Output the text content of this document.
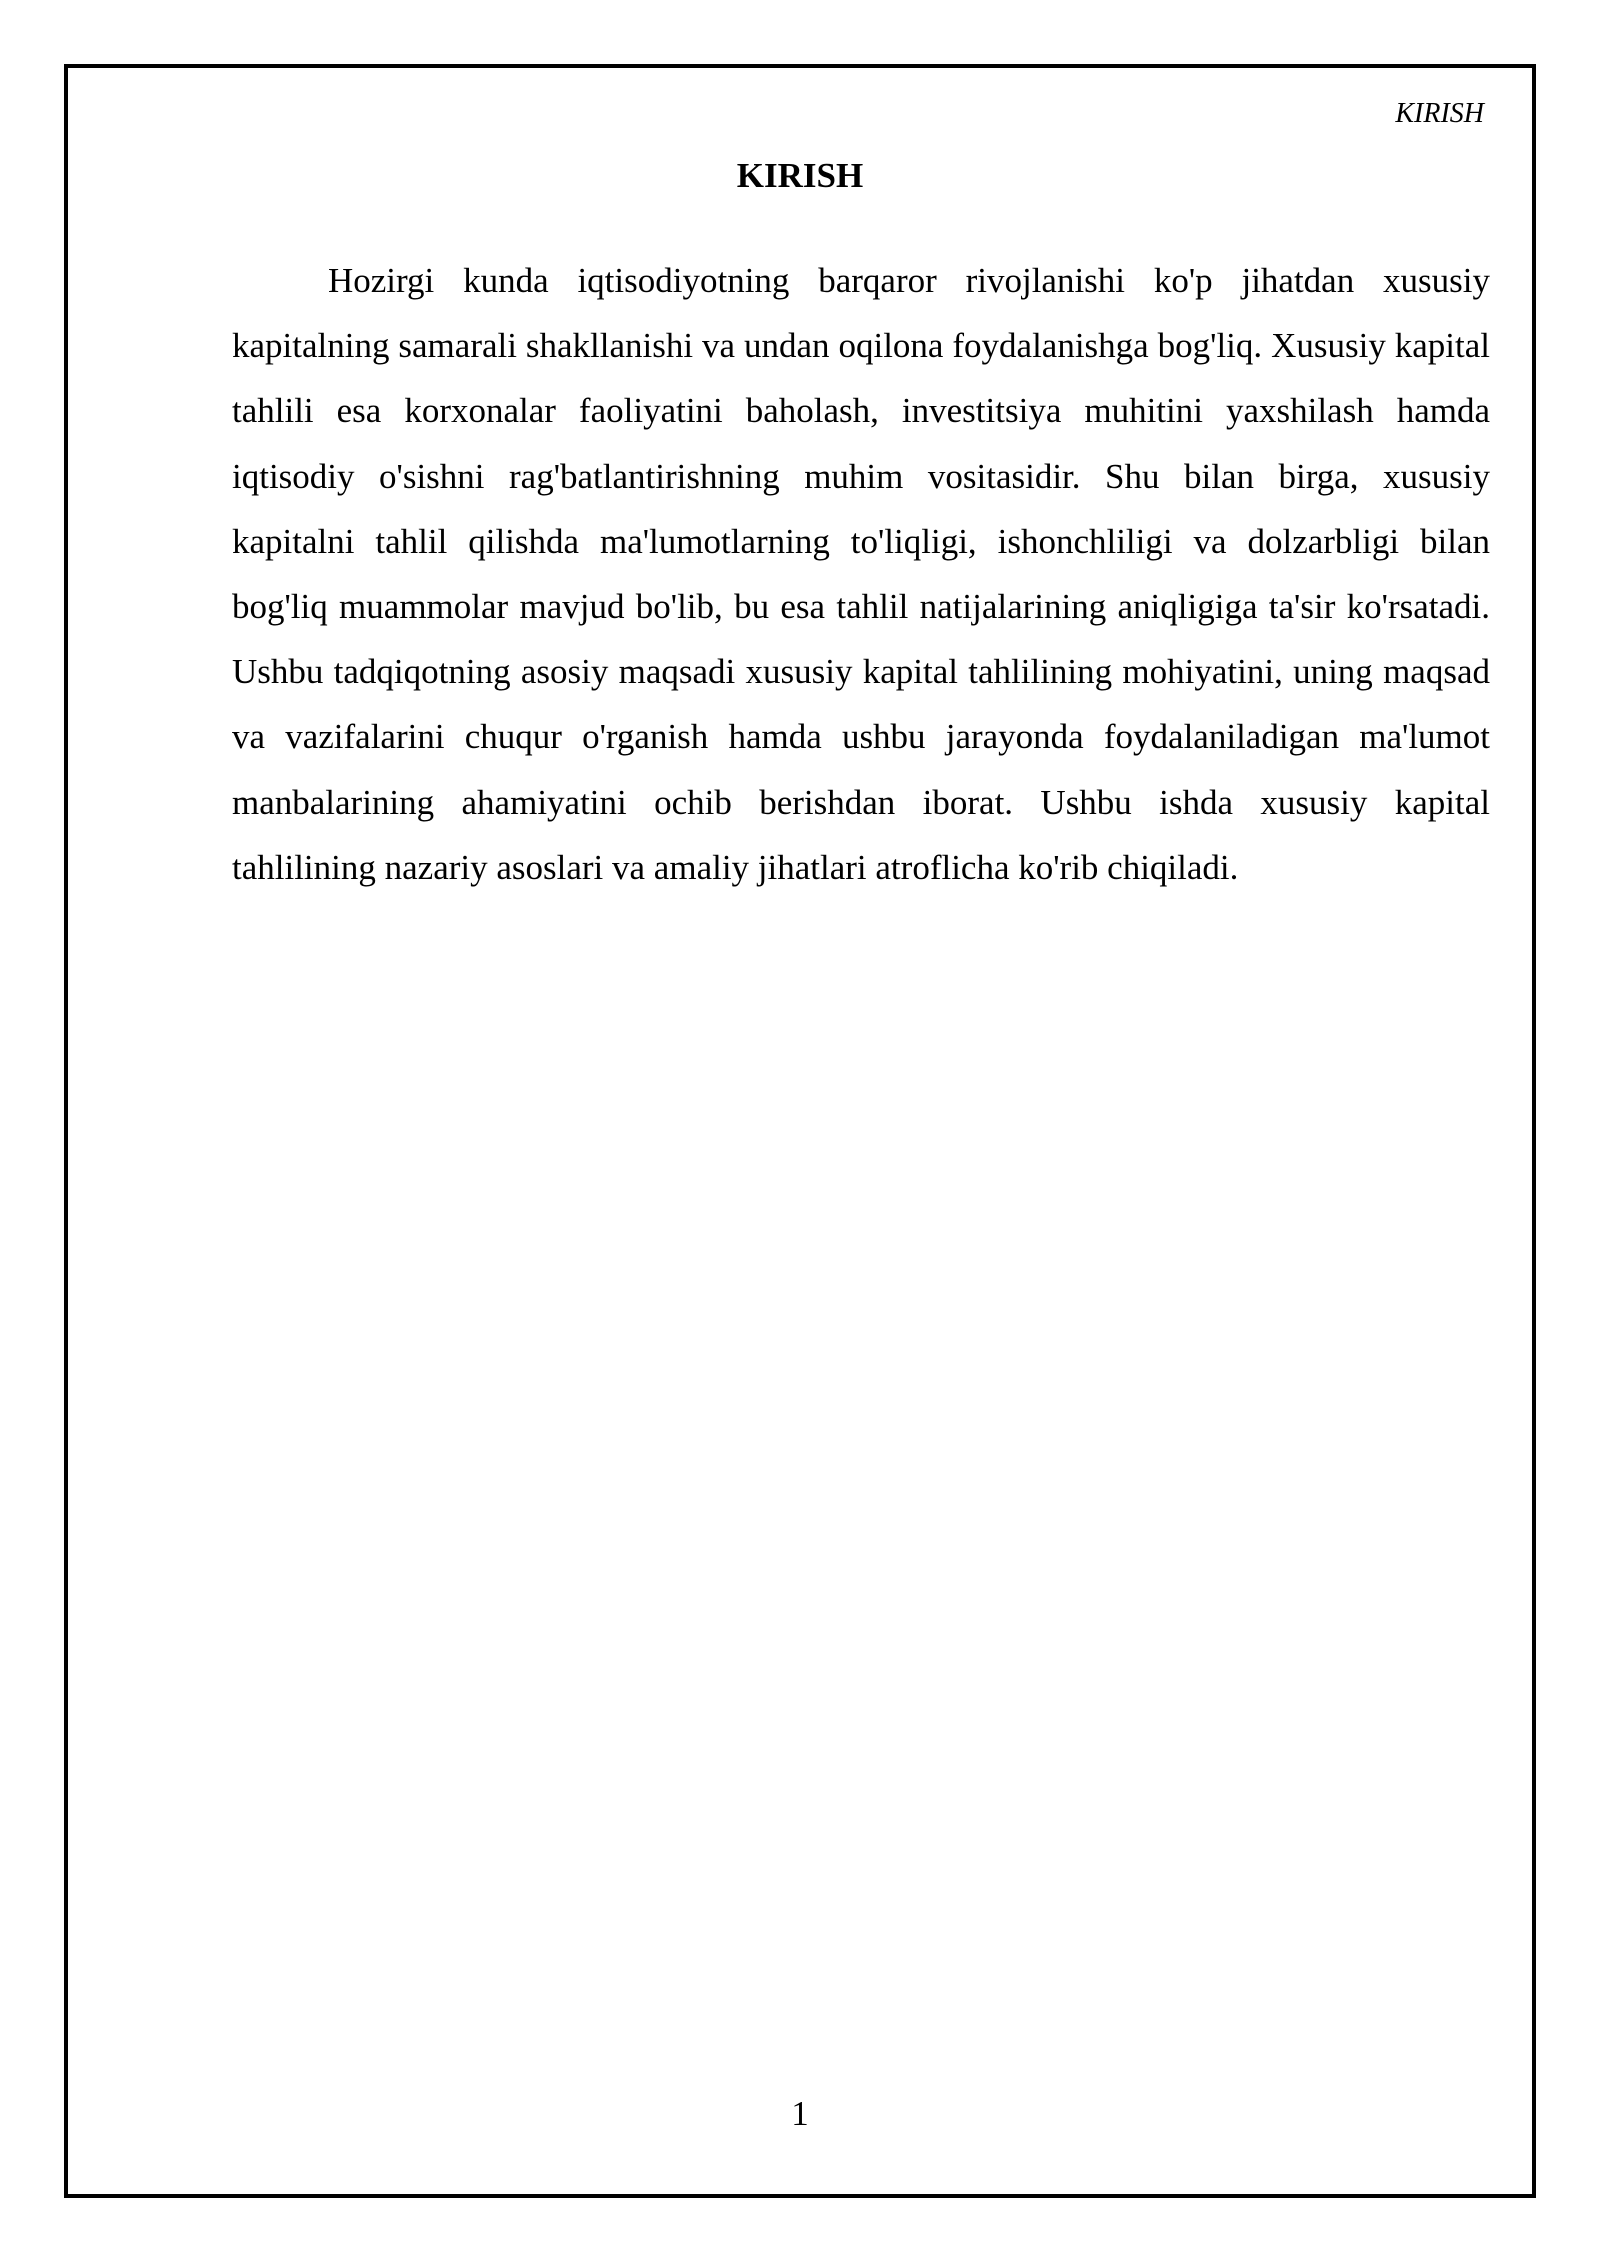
KIRISH
KIRISH

Hozirgi kunda iqtisodiyotning barqaror rivojlanishi ko'p jihatdan xususiy kapitalning samarali shakllanishi va undan oqilona foydalanishga bog'liq. Xususiy kapital tahlili esa korxonalar faoliyatini baholash, investitsiya muhitini yaxshilash hamda iqtisodiy o'sishni rag'batlantirishning muhim vositasidir. Shu bilan birga, xususiy kapitalni tahlil qilishda ma'lumotlarning to'liqligi, ishonchliligi va dolzarbligi bilan bog'liq muammolar mavjud bo'lib, bu esa tahlil natijalarining aniqligiga ta'sir ko'rsatadi. Ushbu tadqiqotning asosiy maqsadi xususiy kapital tahlilining mohiyatini, uning maqsad va vazifalarini chuqur o'rganish hamda ushbu jarayonda foydalaniladigan ma'lumot manbalarining ahamiyatini ochib berishdan iborat. Ushbu ishda xususiy kapital tahlilining nazariy asoslari va amaliy jihatlari atroflicha ko'rib chiqiladi.

1
